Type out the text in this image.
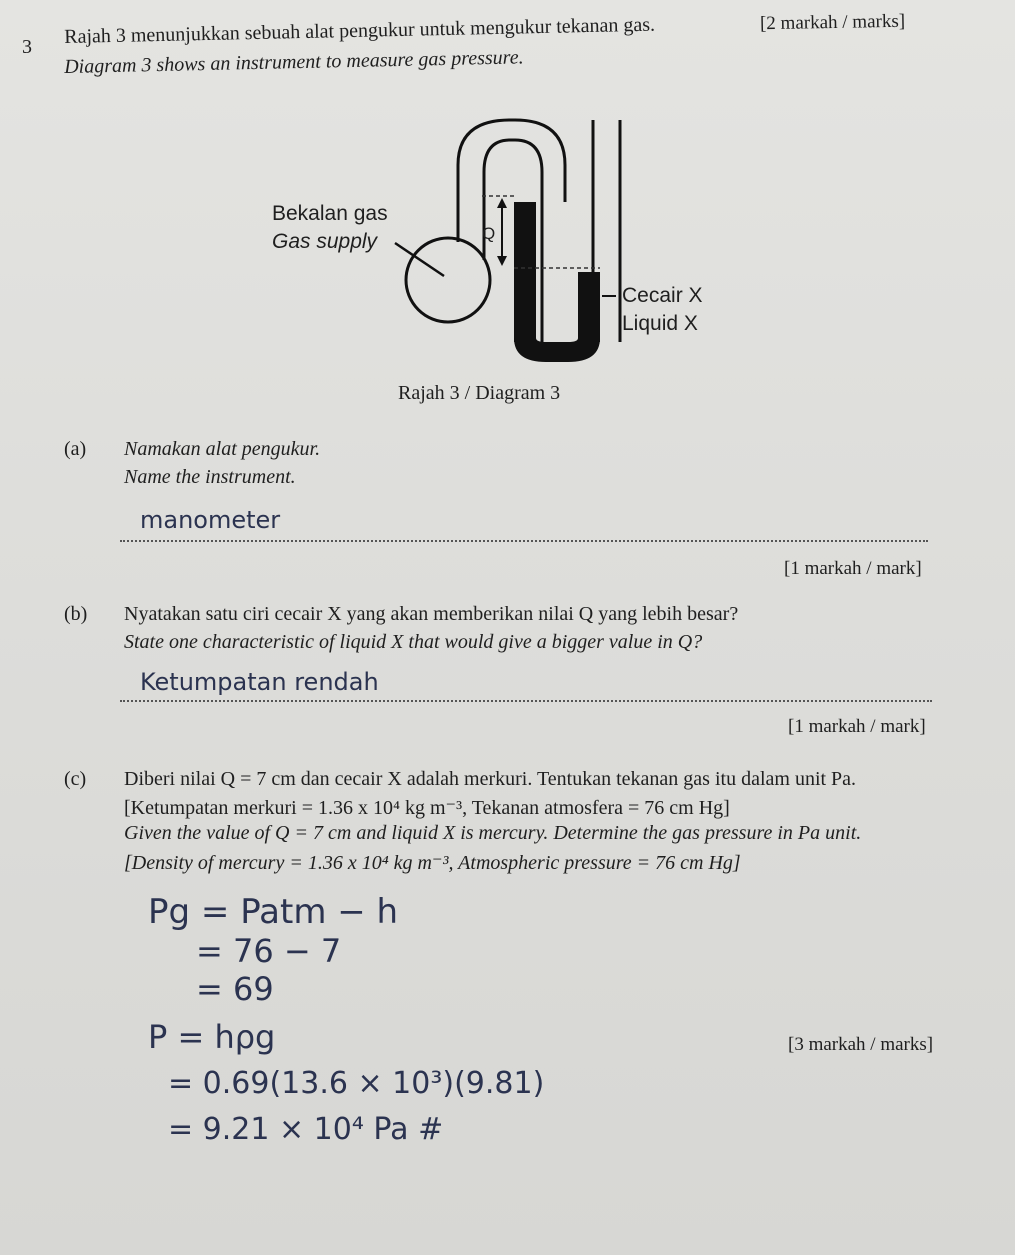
[2 markah / marks]
3 Rajah 3 menunjukkan sebuah alat pengukur untuk mengukur tekanan gas.
Diagram 3 shows an instrument to measure gas pressure.
Bekalan gas
Gas supply	Q
Cecair X
Liquid X
Rajah 3 / Diagram 3
(a) Namakan alat pengukur.
Name the instrument.
manometer
[1 markah / mark]
(b) Nyatakan satu ciri cecair X yang akan memberikan nilai Q yang lebih besar?
State one characteristic of liquid X that would give a bigger value in Q?
Ketumpatan rendah
[1 markah / mark]
(c) Diberi nilai Q = 7 cm dan cecair X adalah merkuri. Tentukan tekanan gas itu dalam unit Pa.
[Ketumpatan merkuri = 1.36 x 10⁴ kg m⁻³, Tekanan atmosfera = 76 cm Hg]
Given the value of Q = 7 cm and liquid X is mercury. Determine the gas pressure in Pa unit.
[Density of mercury = 1.36 x 10⁴ kg m⁻³, Atmospheric pressure = 76 cm Hg]
Pg = Patm − h
= 76 − 7
= 69
P = hρg
= 0.69(13.6 × 10³)(9.81)
= 9.21 × 10⁴ Pa #
[3 markah / marks]
